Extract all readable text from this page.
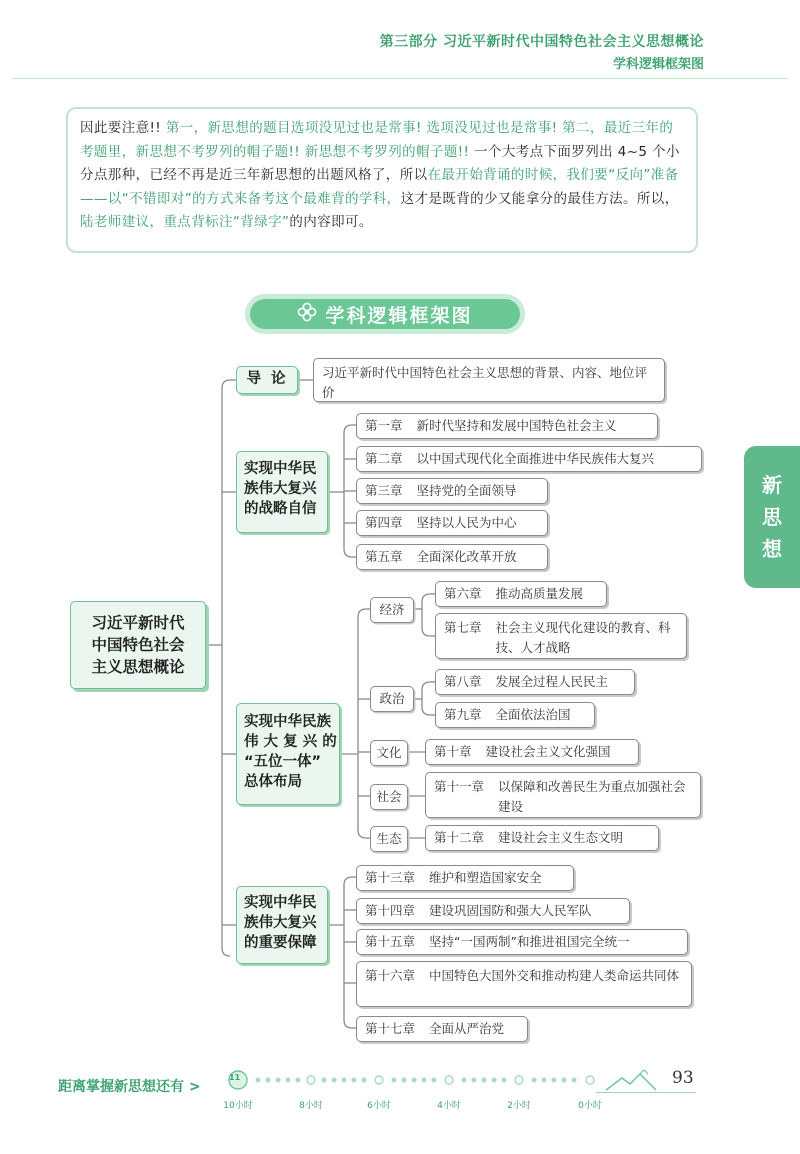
第三部分 习近平新时代中国特色社会主义思想概论
学科逻辑框架图
因此要注意!! 第一，新思想的题目选项没见过也是常事! 选项没见过也是常事! 第二，最近三年的考题里，新思想不考罗列的帽子题!! 新思想不考罗列的帽子题!! 一个大考点下面罗列出 4~5 个小分点那种，已经不再是近三年新思想的出题风格了，所以在最开始背诵的时候，我们要“反向”准备——以“不错即对”的方式来备考这个最难背的学科，这才是既背的少又能拿分的最佳方法。所以，陆老师建议，重点背标注“背绿字”的内容即可。
学科逻辑框架图
新
思
想
习近平新时代
中国特色社会
主义思想概论
导论	习近平新时代中国特色社会主义思想的背景、内容、地位评价
实现中华民
族伟大复兴
的战略自信
第一章 新时代坚持和发展中国特色社会主义
第二章 以中国式现代化全面推进中华民族伟大复兴
第三章 坚持党的全面领导
第四章 坚持以人民为中心
第五章 全面深化改革开放
实现中华民族
伟 大 复 兴 的
“五位一体”
总体布局
经济
第六章 推动高质量发展
第七章 社会主义现代化建设的教育、科技、人才战略
政治
第八章 发展全过程人民民主
第九章 全面依法治国
文化	第十章 建设社会主义文化强国
社会
第十一章 以保障和改善民生为重点加强社会建设
生态	第十二章 建设社会主义生态文明
实现中华民
族伟大复兴
的重要保障
第十三章 维护和塑造国家安全
第十四章 建设巩固国防和强大人民军队
第十五章 坚持“一国两制”和推进祖国完全统一
第十六章 中国特色大国外交和推动构建人类命运共同体
第十七章 全面从严治党
距离掌握新思想还有 >
11
10小时	8小时	6小时	4小时	2小时	0小时
93
